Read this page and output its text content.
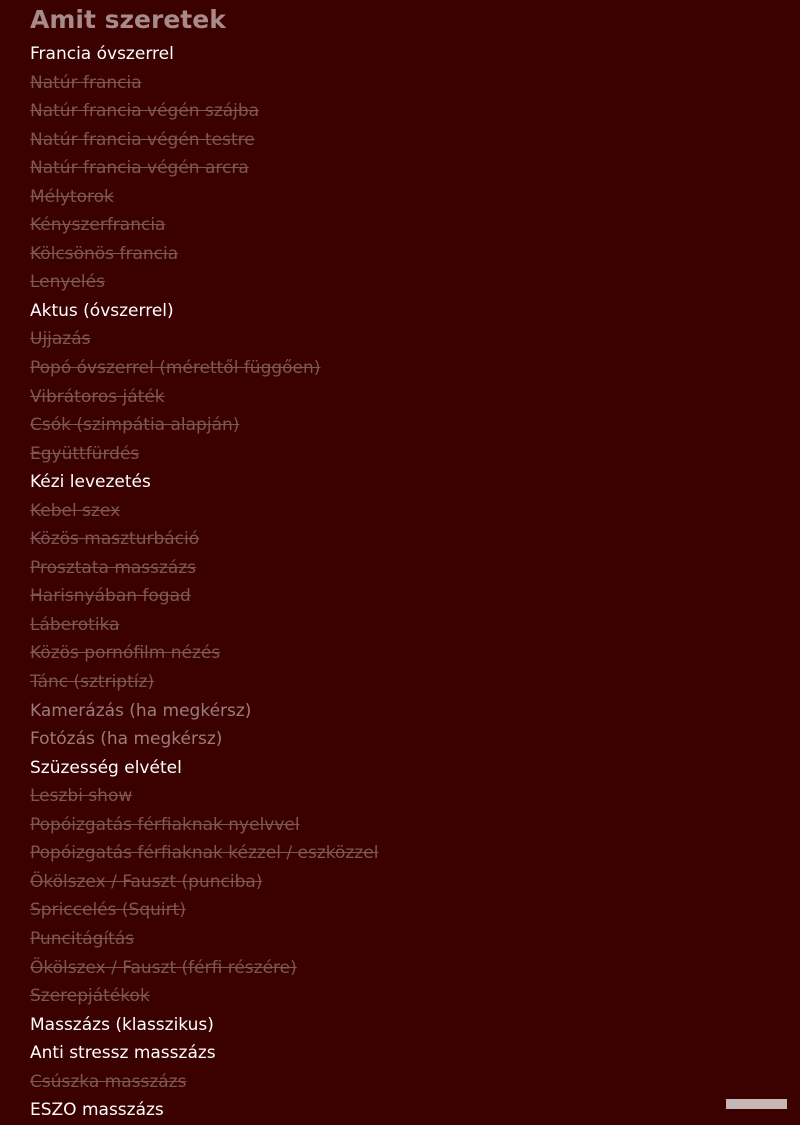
Amit szeretek
Francia óvszerrel
Natúr francia
Natúr francia végén szájba
Natúr francia végén testre
Natúr francia végén arcra
Mélytorok
Kényszerfrancia
Kölcsönös francia
Lenyelés
Aktus (óvszerrel)
Ujjazás
Popó óvszerrel (mérettől függően)
Vibrátoros játék
Csók (szimpátia alapján)
Együttfürdés
Kézi levezetés
Kebel szex
Közös maszturbáció
Prosztata masszázs
Harisnyában fogad
Láberotika
Közös pornófilm nézés
Tánc (sztriptíz)
Kamerázás (ha megkérsz)
Fotózás (ha megkérsz)
Szüzesség elvétel
Leszbi show
Popóizgatás férfiaknak nyelvvel
Popóizgatás férfiaknak kézzel / eszközzel
Ökölszex / Fauszt (punciba)
Spriccelés (Squirt)
Puncitágítás
Ökölszex / Fauszt (férfi részére)
Szerepjátékok
Masszázs (klasszikus)
Anti stressz masszázs
Csúszka masszázs
ESZO masszázs
